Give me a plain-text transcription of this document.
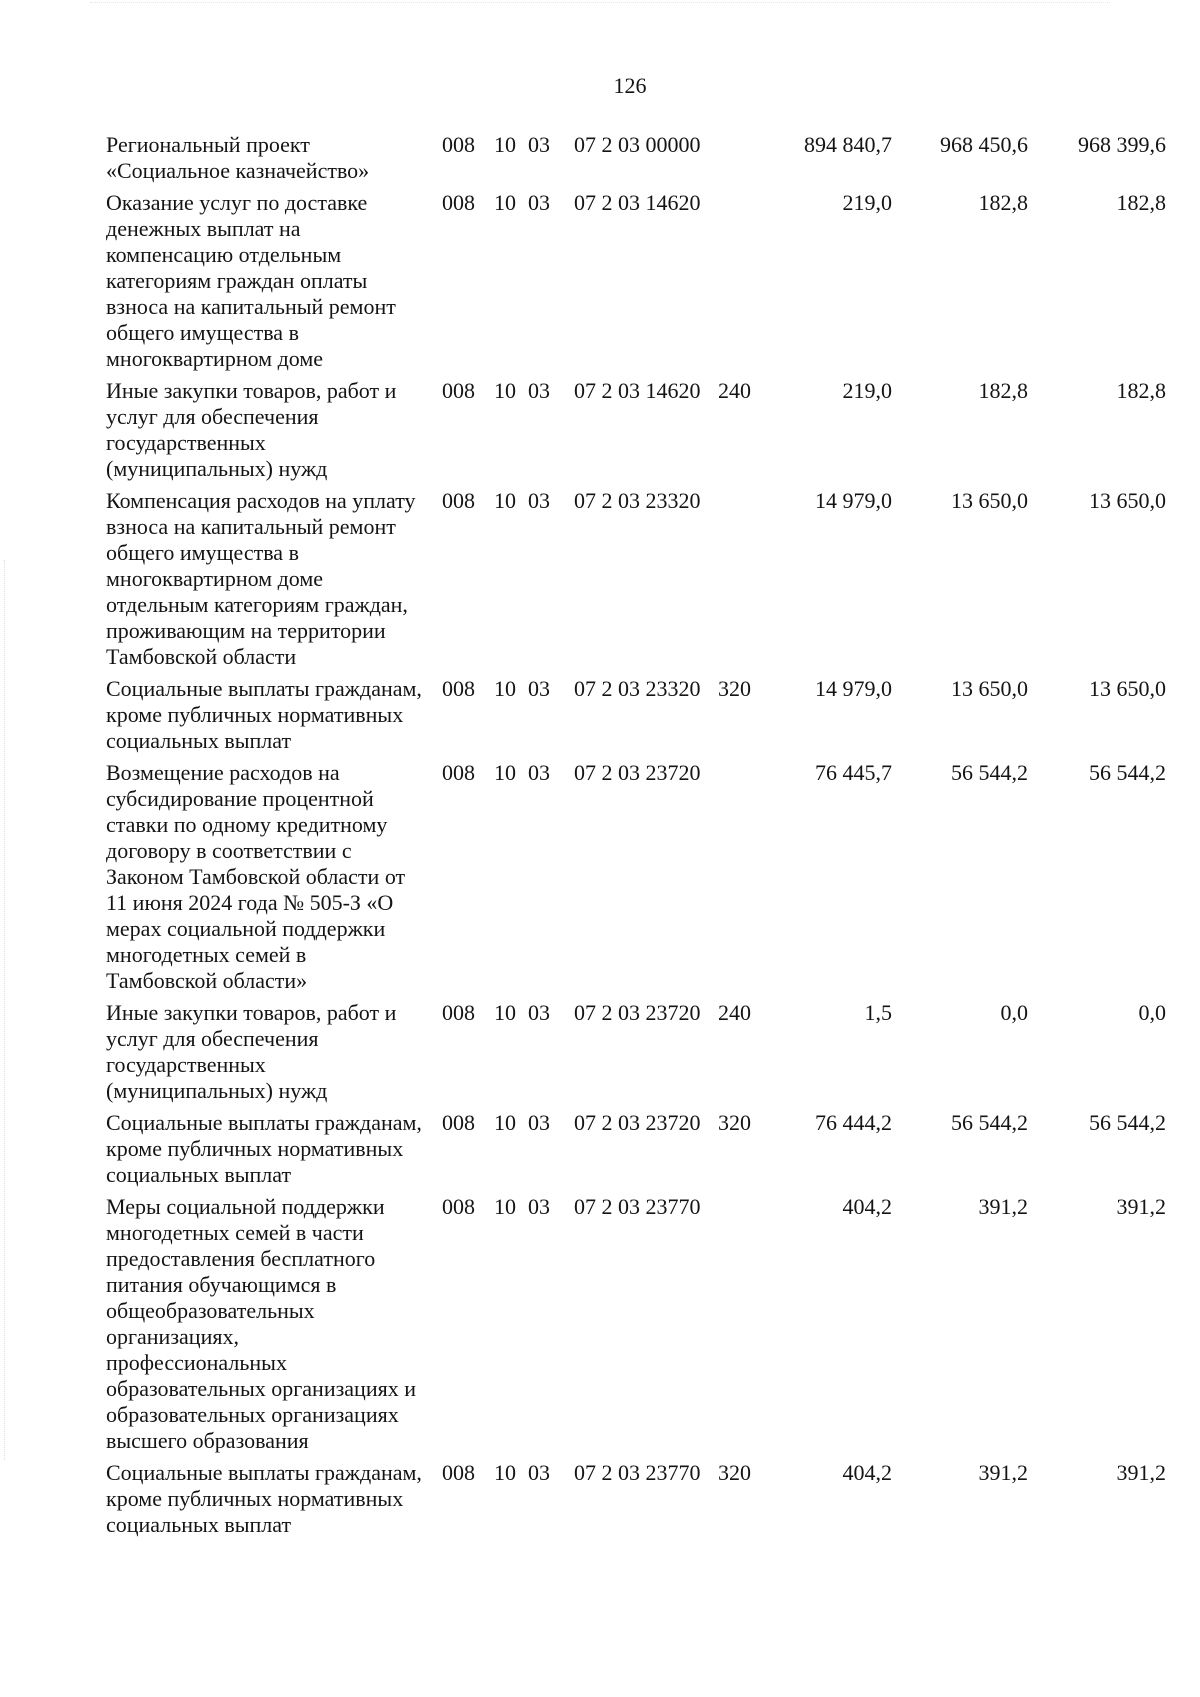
126
Региональный проект
«Социальное казначейство»
008 10 03 07 2 03 00000	894 840,7	968 450,6	968 399,6
Оказание услуг по доставке
денежных выплат на
компенсацию отдельным
категориям граждан оплаты
взноса на капитальный ремонт
общего имущества в
многоквартирном доме
008 10 03 07 2 03 14620	219,0	182,8	182,8
Иные закупки товаров, работ и
услуг для обеспечения
государственных
(муниципальных) нужд
008 10 03 07 2 03 14620 240	219,0	182,8	182,8
Компенсация расходов на уплату
взноса на капитальный ремонт
общего имущества в
многоквартирном доме
отдельным категориям граждан,
проживающим на территории
Тамбовской области
008 10 03 07 2 03 23320	14 979,0	13 650,0	13 650,0
Социальные выплаты гражданам,
кроме публичных нормативных
социальных выплат
008 10 03 07 2 03 23320 320	14 979,0	13 650,0	13 650,0
Возмещение расходов на
субсидирование процентной
ставки по одному кредитному
договору в соответствии с
Законом Тамбовской области от
11 июня 2024 года № 505-З «О
мерах социальной поддержки
многодетных семей в
Тамбовской области»
008 10 03 07 2 03 23720	76 445,7	56 544,2	56 544,2
Иные закупки товаров, работ и
услуг для обеспечения
государственных
(муниципальных) нужд
008 10 03 07 2 03 23720 240	1,5	0,0	0,0
Социальные выплаты гражданам,
кроме публичных нормативных
социальных выплат
008 10 03 07 2 03 23720 320	76 444,2	56 544,2	56 544,2
Меры социальной поддержки
многодетных семей в части
предоставления бесплатного
питания обучающимся в
общеобразовательных
организациях,
профессиональных
образовательных организациях и
образовательных организациях
высшего образования
008 10 03 07 2 03 23770	404,2	391,2	391,2
Социальные выплаты гражданам,
кроме публичных нормативных
социальных выплат
008 10 03 07 2 03 23770 320	404,2	391,2	391,2
